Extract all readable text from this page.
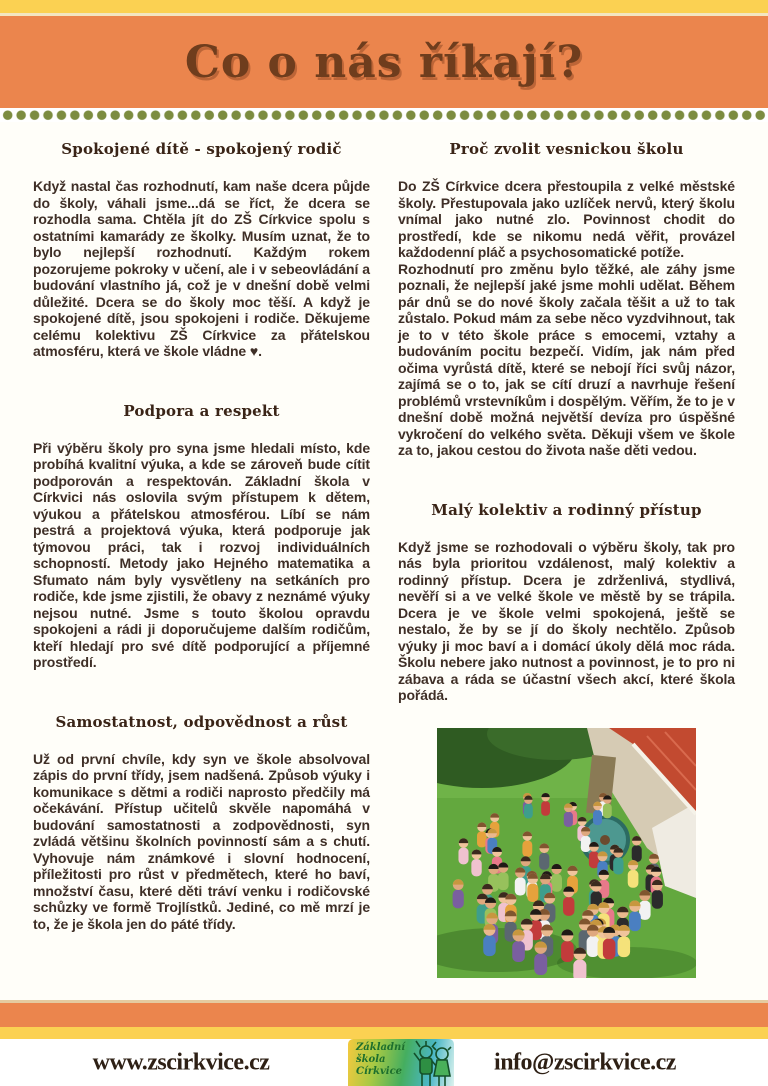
Co o nás říkají?
Spokojené dítě - spokojený rodič

Když nastal čas rozhodnutí, kam naše dcera půjde do školy, váhali jsme...dá se říct, že dcera se rozhodla sama. Chtěla jít do ZŠ Církvice spolu s ostatními kamarády ze školky. Musím uznat, že to bylo nejlepší rozhodnutí. Každým rokem pozorujeme pokroky v učení, ale i v sebeovládání a budování vlastního já, což je v dnešní době velmi důležité. Dcera se do školy moc těší. A když je spokojené dítě, jsou spokojeni i rodiče. Děkujeme celému kolektivu ZŠ Církvice za přátelskou atmosféru, která ve škole vládne ♥.

Podpora a respekt

Při výběru školy pro syna jsme hledali místo, kde probíhá kvalitní výuka, a kde se zároveň bude cítit podporován a respektován. Základní škola v Církvici nás oslovila svým přístupem k dětem, výukou a přátelskou atmosférou. Líbí se nám pestrá a projektová výuka, která podporuje jak týmovou práci, tak i rozvoj individuálních schopností. Metody jako Hejného matematika a Sfumato nám byly vysvětleny na setkáních pro rodiče, kde jsme zjistili, že obavy z neznámé výuky nejsou nutné. Jsme s touto školou opravdu spokojeni a rádi ji doporučujeme dalším rodičům, kteří hledají pro své dítě podporující a příjemné prostředí.

Samostatnost, odpovědnost a růst

Už od první chvíle, kdy syn ve škole absolvoval zápis do první třídy, jsem nadšená. Způsob výuky i komunikace s dětmi a rodiči naprosto předčily má očekávání. Přístup učitelů skvěle napomáhá v budování samostatnosti a zodpovědnosti, syn zvládá většinu školních povinností sám a s chutí. Vyhovuje nám známkové i slovní hodnocení, příležitosti pro růst v předmětech, které ho baví, množství času, které děti tráví venku i rodičovské schůzky ve formě Trojlístků. Jediné, co mě mrzí je to, že je škola jen do páté třídy.

Proč zvolit vesnickou školu

Do ZŠ Církvice dcera přestoupila z velké městské školy. Přestupovala jako uzlíček nervů, který školu vnímal jako nutné zlo. Povinnost chodit do prostředí, kde se nikomu nedá věřit, provázel každodenní pláč a psychosomatické potíže.

Rozhodnutí pro změnu bylo těžké, ale záhy jsme poznali, že nejlepší jaké jsme mohli udělat. Během pár dnů se do nové školy začala těšit a už to tak zůstalo. Pokud mám za sebe něco vyzdvihnout, tak je to v této škole práce s emocemi, vztahy a budováním pocitu bezpečí. Vidím, jak nám před očima vyrůstá dítě, které se nebojí říci svůj názor, zajímá se o to, jak se cítí druzí a navrhuje řešení problémů vrstevníkům i dospělým. Věřím, že to je v dnešní době možná největší devíza pro úspěšné vykročení do velkého světa. Děkuji všem ve škole za to, jakou cestou do života naše děti vedou.

Malý kolektiv a rodinný přístup

Když jsme se rozhodovali o výběru školy, tak pro nás byla prioritou vzdálenost, malý kolektiv a rodinný přístup. Dcera je zdrženlivá, stydlivá, nevěří si a ve velké škole ve městě by se trápila. Dcera je ve škole velmi spokojená, ještě se nestalo, že by se jí do školy nechtělo. Způsob výuky ji moc baví a i domácí úkoly dělá moc ráda. Školu nebere jako nutnost a povinnost, je to pro ni zábava a ráda se účastní všech akcí, které škola pořádá.

www.zscirkvice.cz
Základní
škola
Církvice	info@zscirkvice.cz
